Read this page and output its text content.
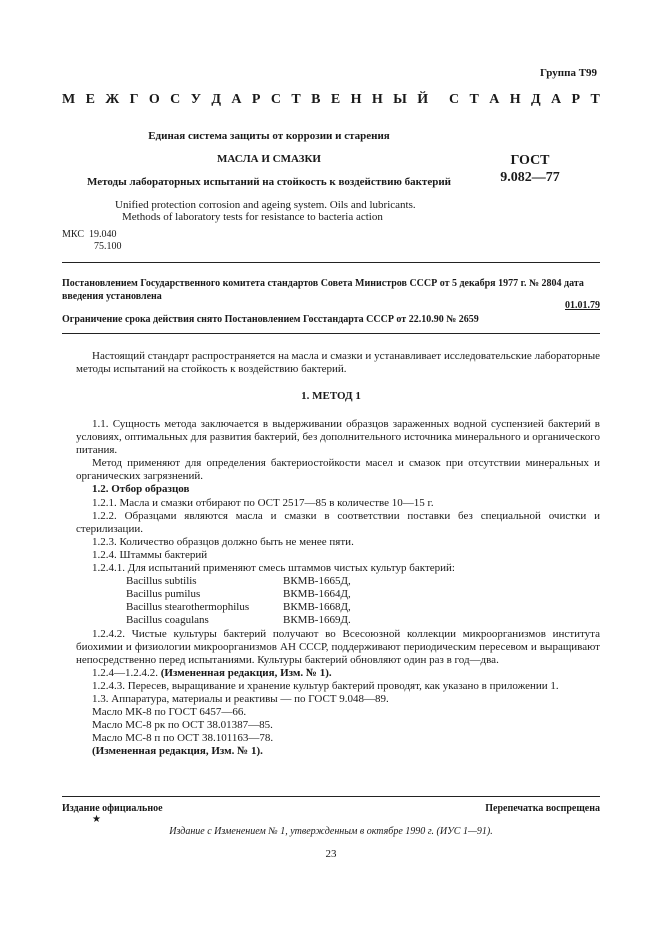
Группа Т99
М Е Ж Г О С У Д А Р С Т В Е Н Н Ы Й С Т А Н Д А Р Т
Единая система защиты от коррозии и старения
МАСЛА И СМАЗКИ
Методы лабораторных испытаний на стойкость к воздействию бактерий
ГОСТ
9.082—77
Unified protection corrosion and ageing system. Oils and lubricants.
Methods of laboratory tests for resistance to bacteria action
МКС 19.040
75.100
Постановлением Государственного комитета стандартов Совета Министров СССР от 5 декабря 1977 г. № 2804 дата введения установлена
01.01.79
Ограничение срока действия снято Постановлением Госстандарта СССР от 22.10.90 № 2659

Настоящий стандарт распространяется на масла и смазки и устанавливает исследовательские лабораторные методы испытаний на стойкость к воздействию бактерий.

1. МЕТОД 1

1.1. Сущность метода заключается в выдерживании образцов зараженных водной суспензией бактерий в условиях, оптимальных для развития бактерий, без дополнительного источника минерального и органического питания.

Метод применяют для определения бактериостойкости масел и смазок при отсутствии минеральных и органических загрязнений.

1.2. Отбор образцов

1.2.1. Масла и смазки отбирают по ОСТ 2517—85 в количестве 10—15 г.

1.2.2. Образцами являются масла и смазки в соответствии поставки без специальной очистки и стерилизации.

1.2.3. Количество образцов должно быть не менее пяти.

1.2.4. Штаммы бактерий

1.2.4.1. Для испытаний применяют смесь штаммов чистых культур бактерий:

Bacillus subtilis	ВКМВ-1665Д,
Bacillus pumilus	ВКМВ-1664Д,
Bacillus stearothermophilus	ВКМВ-1668Д,
Bacillus coagulans	ВКМВ-1669Д.

1.2.4.2. Чистые культуры бактерий получают во Всесоюзной коллекции микроорганизмов института биохимии и физиологии микроорганизмов АН СССР, поддерживают периодическим пересевом и выращивают непосредственно перед испытаниями. Культуры бактерий обновляют один раз в год—два.

1.2.4—1.2.4.2. (Измененная редакция, Изм. № 1).

1.2.4.3. Пересев, выращивание и хранение культур бактерий проводят, как указано в приложении 1.

1.3. Аппаратура, материалы и реактивы — по ГОСТ 9.048—89.

Масло МК-8 по ГОСТ 6457—66.

Масло МС-8 рк по ОСТ 38.01387—85.

Масло МС-8 п по ОСТ 38.101163—78.

(Измененная редакция, Изм. № 1).

Издание официальное	Перепечатка воспрещена
★
Издание с Изменением № 1, утвержденным в октябре 1990 г. (ИУС 1—91).
23
